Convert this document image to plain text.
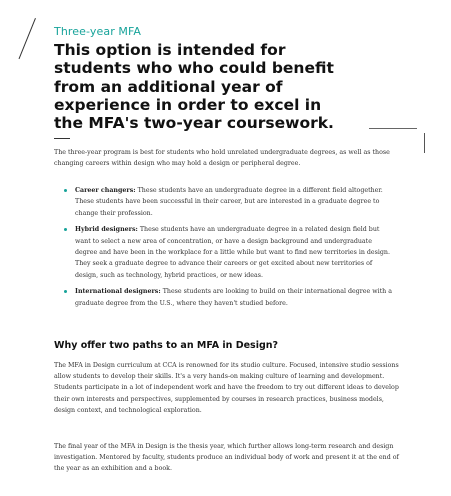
Three-year MFA
This option is intended for students who who could benefit from an additional year of experience in order to excel in the MFA's two-year coursework.

The three-year program is best for students who hold unrelated undergraduate degrees, as well as those changing careers within design who may hold a design or peripheral degree.

Career changers: These students have an undergraduate degree in a different field altogether. These students have been successful in their career, but are interested in a graduate degree to change their profession.
Hybrid designers: These students have an undergraduate degree in a related design field but want to select a new area of concentration, or have a design background and undergraduate degree and have been in the workplace for a little while but want to find new territories in design. They seek a graduate degree to advance their careers or get excited about new territories of design, such as technology, hybrid practices, or new ideas.
International designers: These students are looking to build on their international degree with a graduate degree from the U.S., where they haven't studied before.
Why offer two paths to an MFA in Design?

The MFA in Design curriculum at CCA is renowned for its studio culture. Focused, intensive studio sessions allow students to develop their skills. It's a very hands-on making culture of learning and development. Students participate in a lot of independent work and have the freedom to try out different ideas to develop their own interests and perspectives, supplemented by courses in research practices, business models, design context, and technological exploration.

The final year of the MFA in Design is the thesis year, which further allows long-term research and design investigation. Mentored by faculty, students produce an individual body of work and present it at the end of the year as an exhibition and a book.
